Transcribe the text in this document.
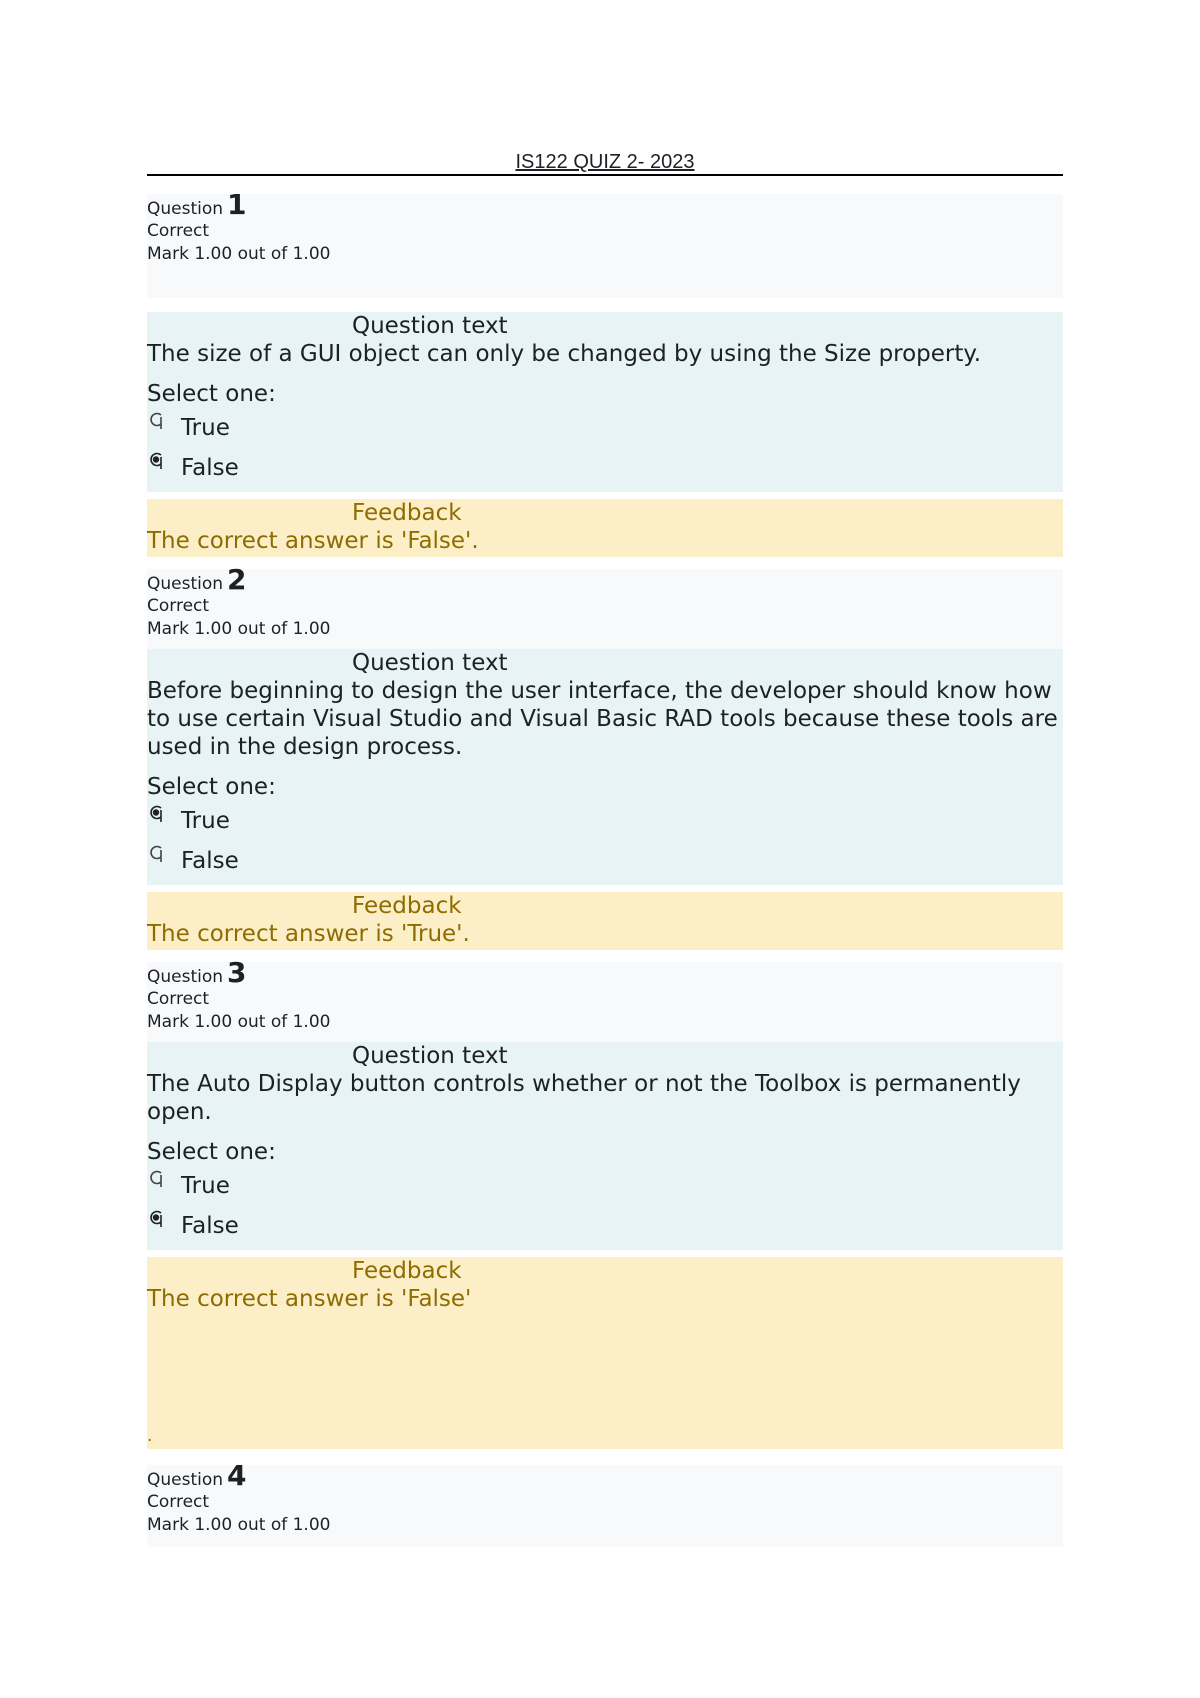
IS122 QUIZ 2- 2023
Question 1
Correct
Mark 1.00 out of 1.00
Question text
The size of a GUI object can only be changed by using the Size property.
Select one:
True
False
Feedback
The correct answer is 'False'.
Question 2
Correct
Mark 1.00 out of 1.00
Question text
Before beginning to design the user interface, the developer should know how to use certain Visual Studio and Visual Basic RAD tools because these tools are used in the design process.
Select one:
True
False
Feedback
The correct answer is 'True'.
Question 3
Correct
Mark 1.00 out of 1.00
Question text
The Auto Display button controls whether or not the Toolbox is permanently open.
Select one:
True
False
Feedback
The correct answer is 'False'
.
Question 4
Correct
Mark 1.00 out of 1.00
